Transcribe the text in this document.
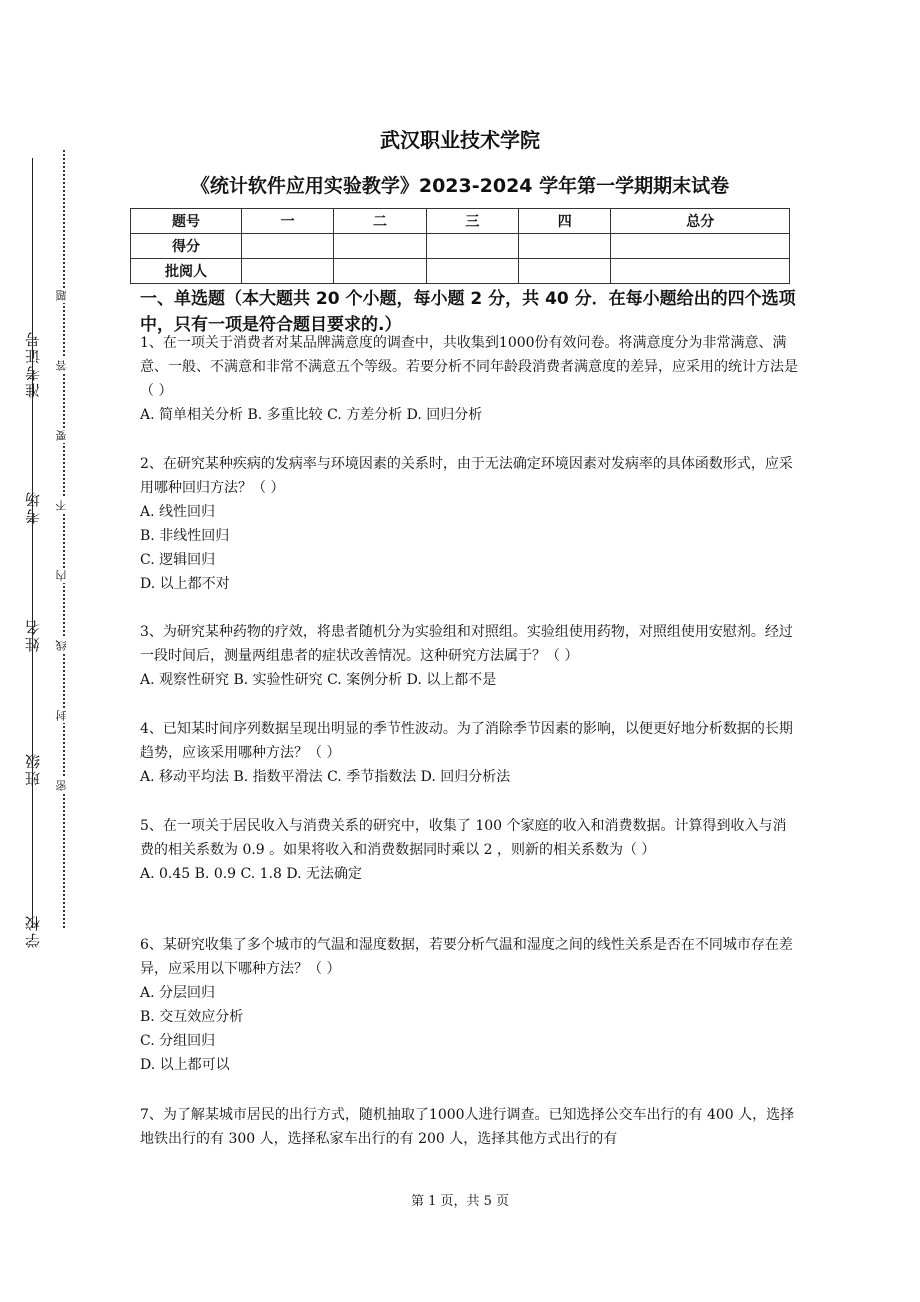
准考证号
考场
姓名
班级
学校
题
答
要
不
内
线
封
密
武汉职业技术学院
《统计软件应用实验教学》2023-2024 学年第一学期期末试卷
题号	一	二	三	四	总分
得分					
批阅人					
一、单选题（本大题共 20 个小题，每小题 2 分，共 40 分．在每小题给出的四个选项中，只有一项是符合题目要求的.）

1、在一项关于消费者对某品牌满意度的调查中，共收集到1000份有效问卷。将满意度分为非常满意、满意、一般、不满意和非常不满意五个等级。若要分析不同年龄段消费者满意度的差异，应采用的统计方法是（ ）

A. 简单相关分析 B. 多重比较 C. 方差分析 D. 回归分析

2、在研究某种疾病的发病率与环境因素的关系时，由于无法确定环境因素对发病率的具体函数形式，应采用哪种回归方法？（ ）

A. 线性回归

B. 非线性回归

C. 逻辑回归

D. 以上都不对

3、为研究某种药物的疗效，将患者随机分为实验组和对照组。实验组使用药物，对照组使用安慰剂。经过一段时间后，测量两组患者的症状改善情况。这种研究方法属于？（ ）

A. 观察性研究 B. 实验性研究 C. 案例分析 D. 以上都不是

4、已知某时间序列数据呈现出明显的季节性波动。为了消除季节因素的影响，以便更好地分析数据的长期趋势，应该采用哪种方法？（ ）

A. 移动平均法 B. 指数平滑法 C. 季节指数法 D. 回归分析法

5、在一项关于居民收入与消费关系的研究中，收集了 100 个家庭的收入和消费数据。计算得到收入与消费的相关系数为 0.9 。如果将收入和消费数据同时乘以 2 ，则新的相关系数为（ ）

A. 0.45 B. 0.9 C. 1.8 D. 无法确定

6、某研究收集了多个城市的气温和湿度数据，若要分析气温和湿度之间的线性关系是否在不同城市存在差异，应采用以下哪种方法？（ ）

A. 分层回归

B. 交互效应分析

C. 分组回归

D. 以上都可以

7、为了解某城市居民的出行方式，随机抽取了1000人进行调查。已知选择公交车出行的有 400 人，选择地铁出行的有 300 人，选择私家车出行的有 200 人，选择其他方式出行的有

第 1 页，共 5 页
